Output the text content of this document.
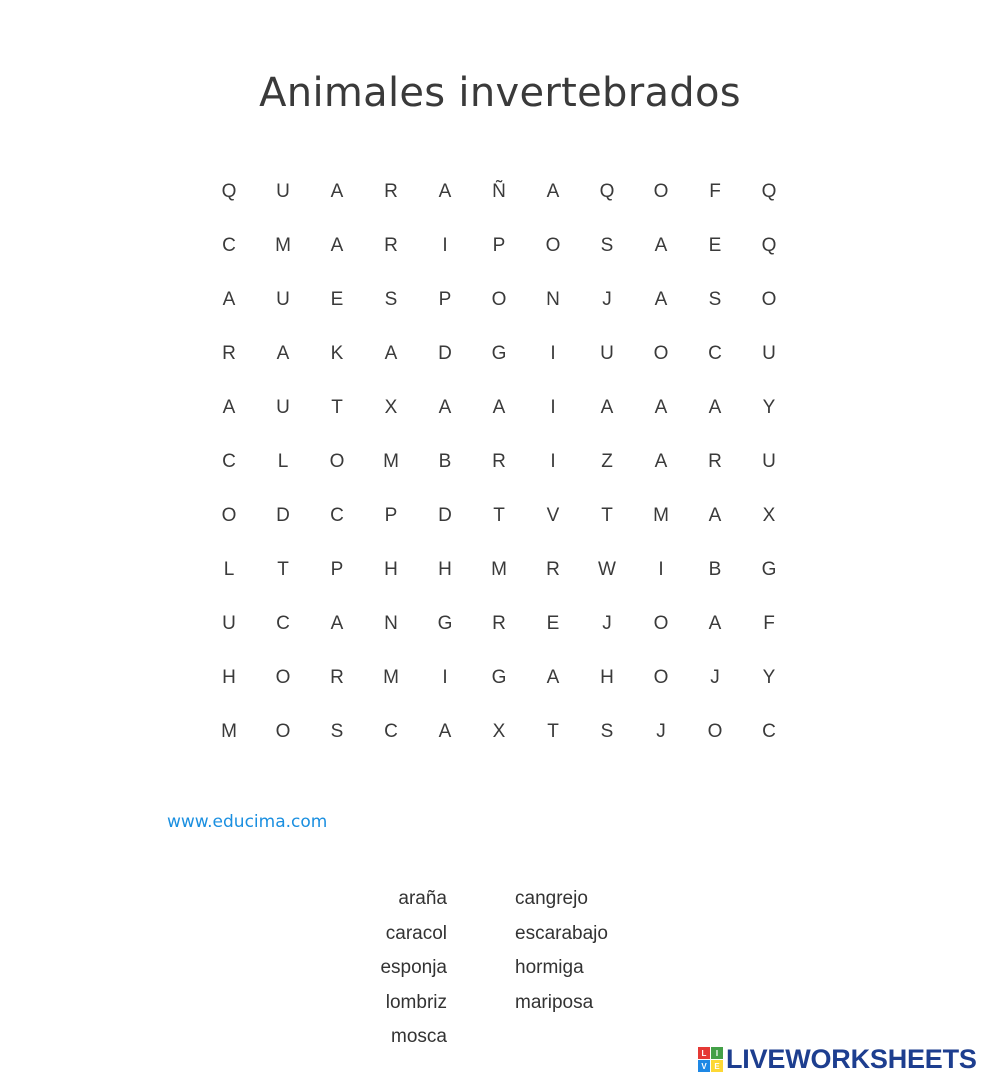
Animales invertebrados
Q	U	A	R	A	Ñ	A	Q	O	F	Q
C	M	A	R	I	P	O	S	A	E	Q
A	U	E	S	P	O	N	J	A	S	O
R	A	K	A	D	G	I	U	O	C	U
A	U	T	X	A	A	I	A	A	A	Y
C	L	O	M	B	R	I	Z	A	R	U
O	D	C	P	D	T	V	T	M	A	X
L	T	P	H	H	M	R	W	I	B	G
U	C	A	N	G	R	E	J	O	A	F
H	O	R	M	I	G	A	H	O	J	Y
M	O	S	C	A	X	T	S	J	O	C
www.educima.com
araña
caracol
esponja
lombriz
mosca
cangrejo
escarabajo
hormiga
mariposa
L	I
V E LIVEWORKSHEETS
